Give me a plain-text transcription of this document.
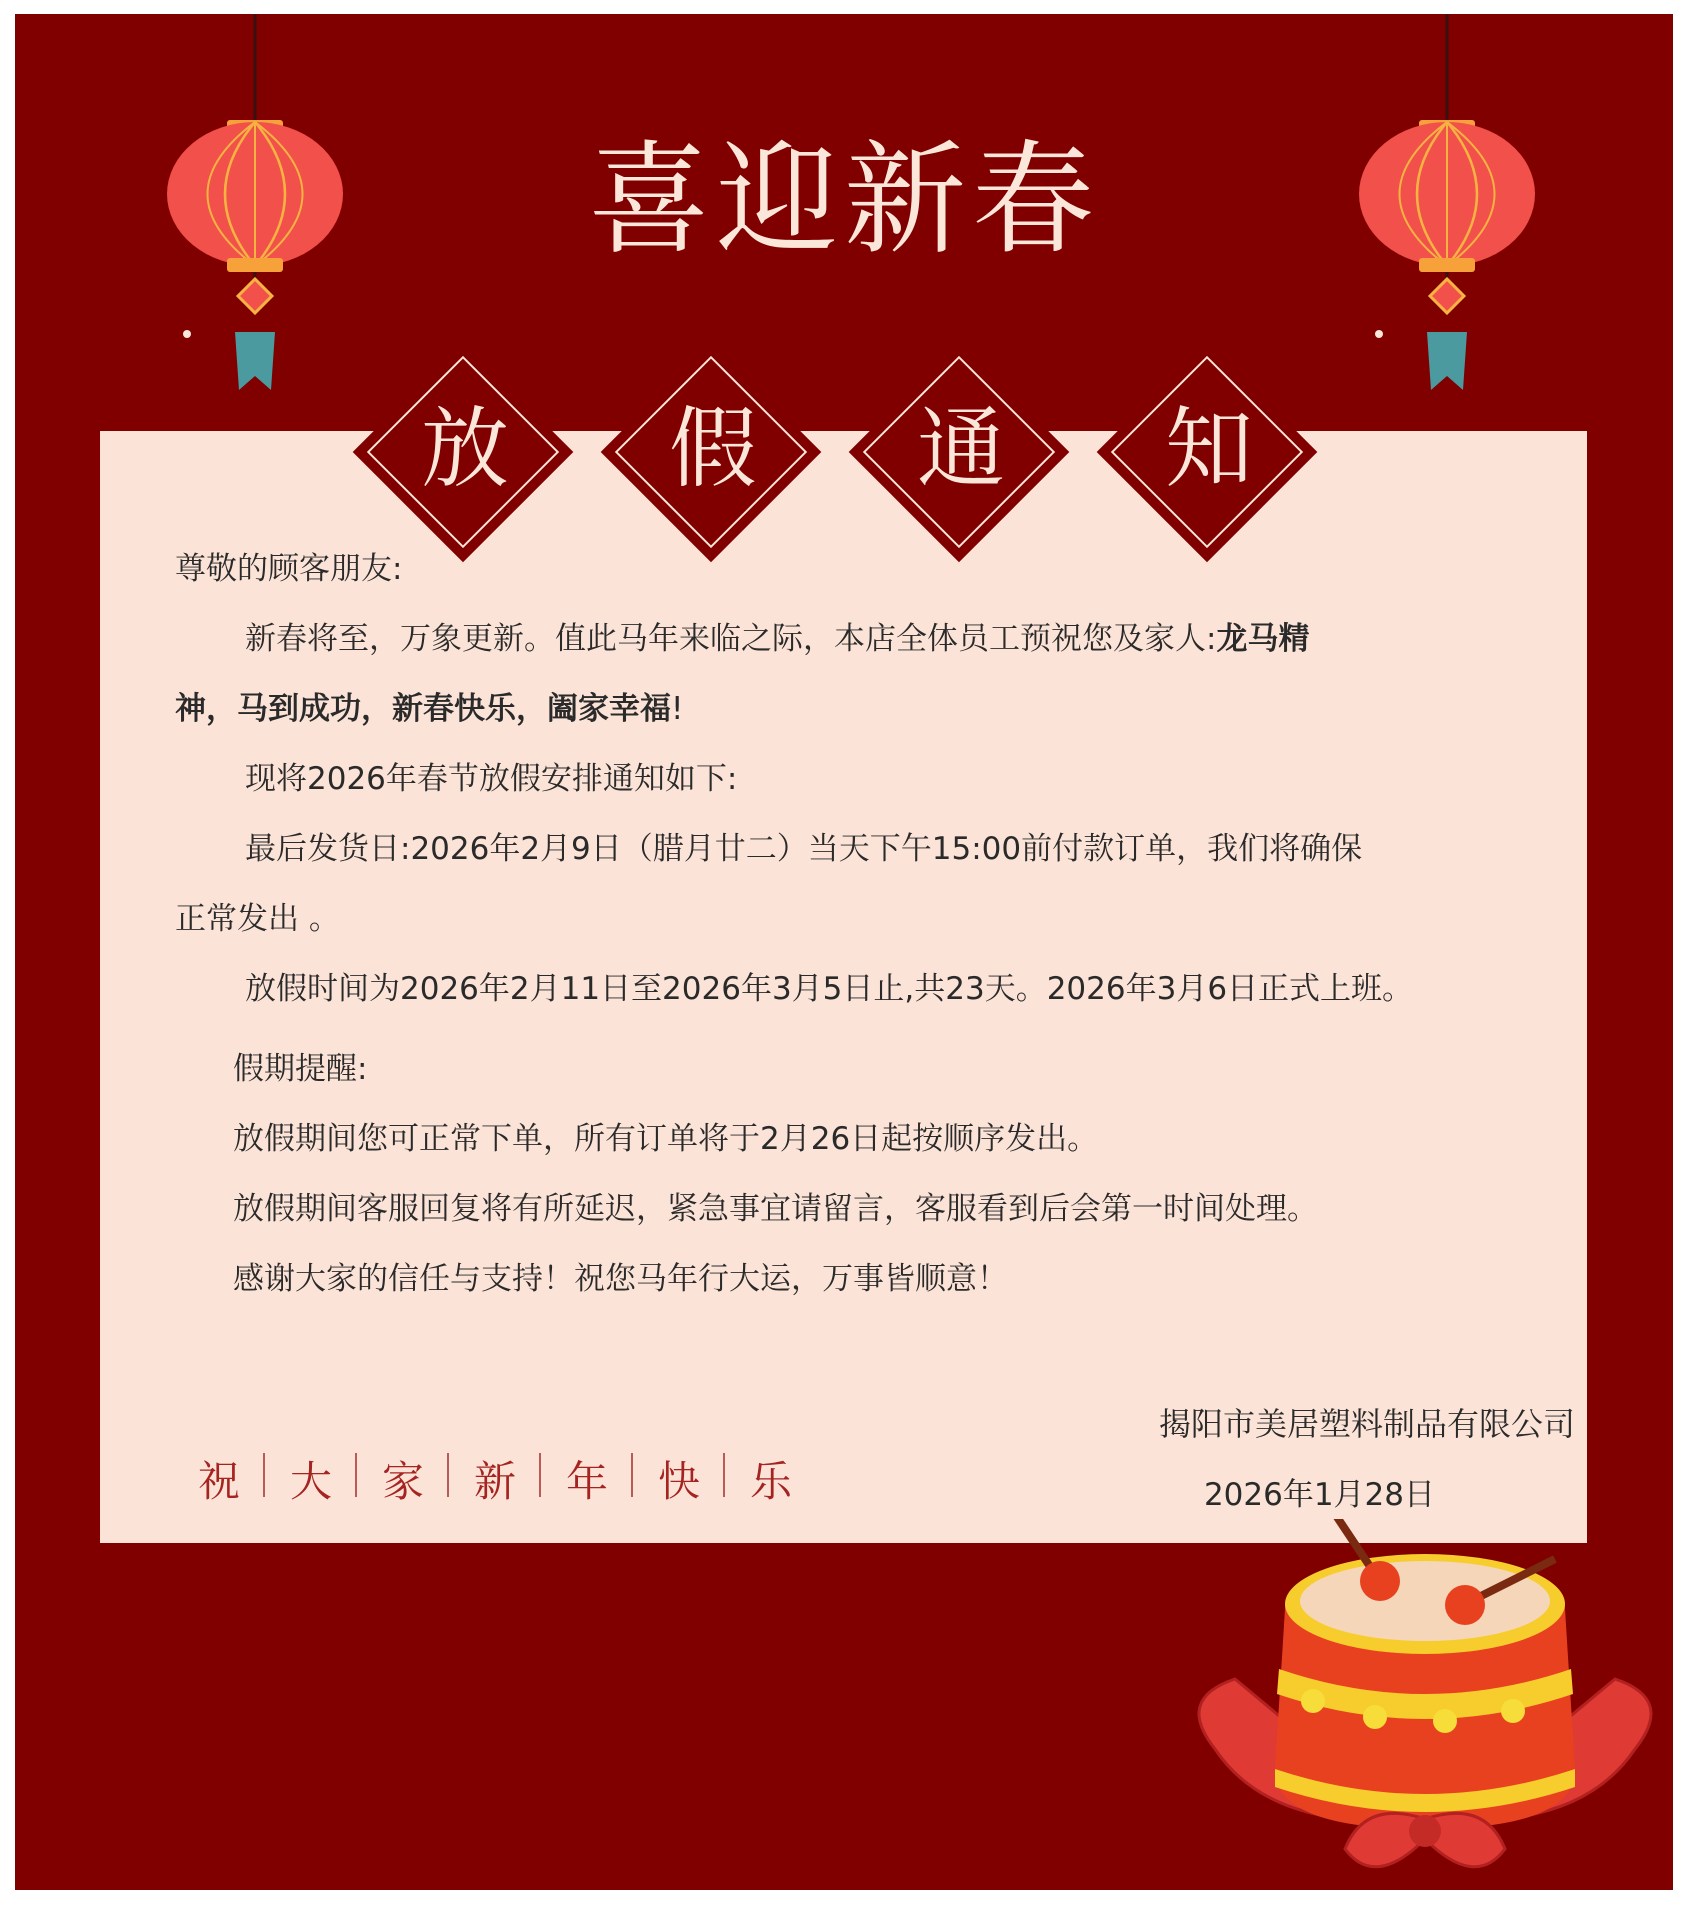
喜迎新春
放	假	通	知

尊敬的顾客朋友:

新春将至，万象更新。值此马年来临之际，本店全体员工预祝您及家人:龙马精

神，马到成功，新春快乐，阖家幸福!

现将2026年春节放假安排通知如下:

最后发货日:2026年2月9日（腊月廿二）当天下午15:00前付款订单，我们将确保

正常发出 。

放假时间为2026年2月11日至2026年3月5日止,共23天。2026年3月6日正式上班。

假期提醒:

放假期间您可正常下单，所有订单将于2月26日起按顺序发出。

放假期间客服回复将有所延迟，紧急事宜请留言，客服看到后会第一时间处理。

感谢大家的信任与支持！祝您马年行大运，万事皆顺意！

祝	大	家	新	年	快	乐
揭阳市美居塑料制品有限公司
2026年1月28日
